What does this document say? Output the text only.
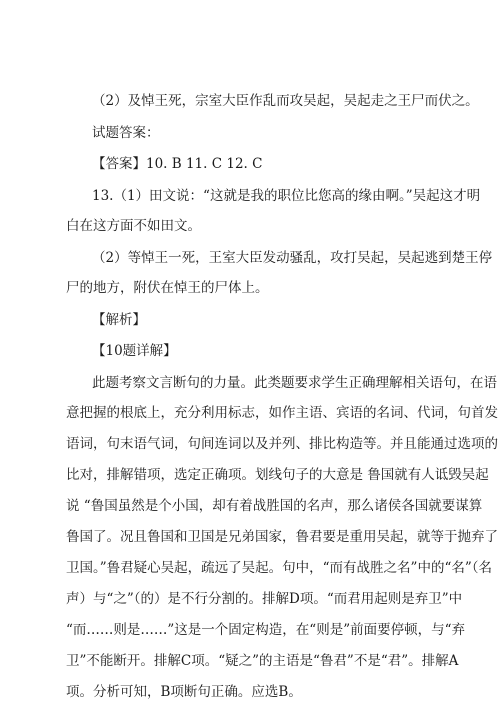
（2）及悼王死，宗室大臣作乱而攻吴起，吴起走之王尸而伏之。
试题答案：
【答案】10. B 11. C 12. C
13.（1）田文说：“这就是我的职位比您高的缘由啊。”吴起这才明
白在这方面不如田文。
（2）等悼王一死，王室大臣发动骚乱，攻打吴起，吴起逃到楚王停
尸的地方，附伏在悼王的尸体上。
【解析】
【10题详解】
此题考察文言断句的力量。此类题要求学生正确理解相关语句，在语
意把握的根底上，充分利用标志，如作主语、宾语的名词、代词，句首发
语词，句末语气词，句间连词以及并列、排比构造等。并且能通过选项的
比对，排解错项，选定正确项。划线句子的大意是 鲁国就有人诋毁吴起
说 “鲁国虽然是个小国，却有着战胜国的名声，那么诸侯各国就要谋算
鲁国了。况且鲁国和卫国是兄弟国家，鲁君要是重用吴起，就等于抛弃了
卫国。”鲁君疑心吴起，疏远了吴起。句中，“而有战胜之名”中的“名”（名
声）与“之”（的）是不行分割的。排解D项。“而君用起则是弃卫”中
“而……则是……”这是一个固定构造，在“则是”前面要停顿，与“弃
卫”不能断开。排解C项。“疑之”的主语是“鲁君”不是“君”。排解A
项。分析可知，B项断句正确。应选B。
